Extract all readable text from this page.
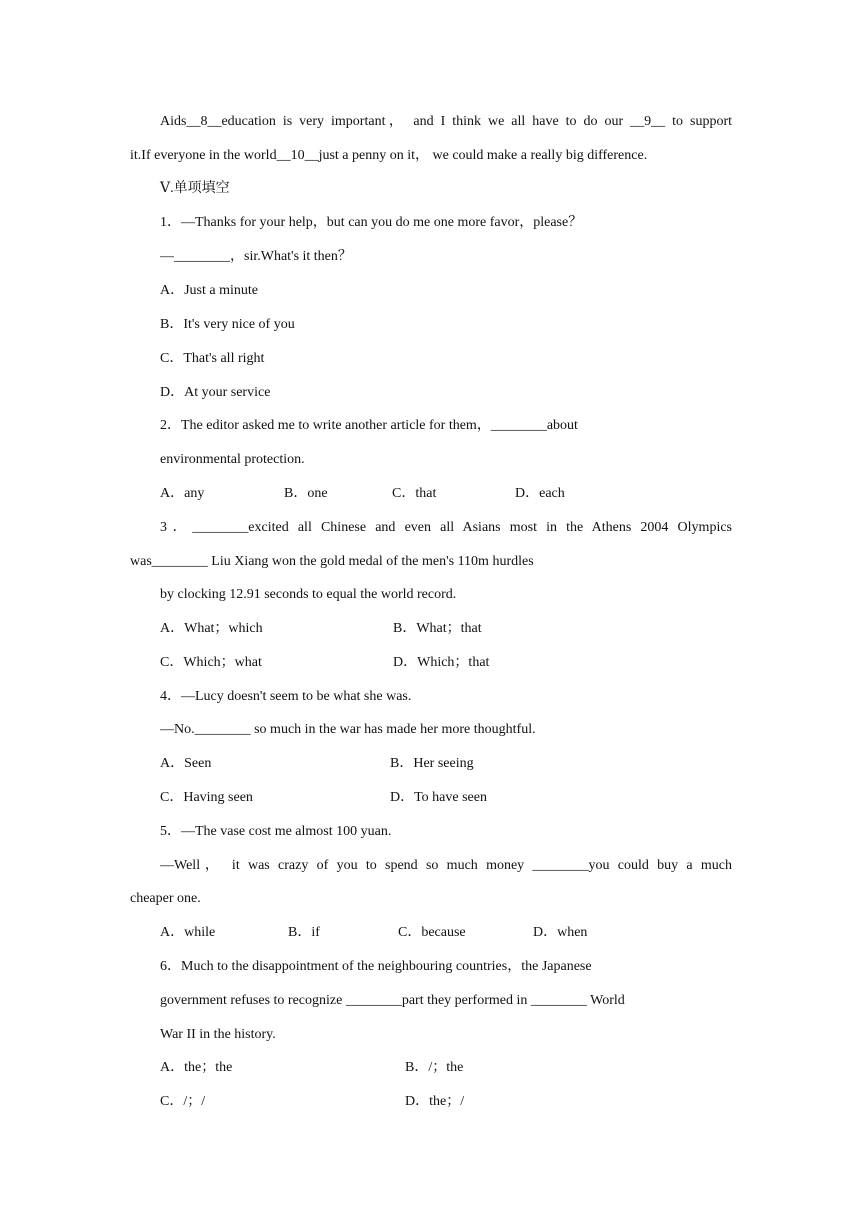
Aids__8__education is very important， and I think we all have to do our __9__ to support
it.If everyone in the world__10__just a penny on it， we could make a really big difference.
Ⅴ.单项填空
1．—Thanks for your help，but can you do me one more favor，please？
—________，sir.What's it then？
A．Just a minute
B．It's very nice of you
C．That's all right
D．At your service
2．The editor asked me to write another article for them，________about
environmental protection.
A．any	B．one	C．that	D．each
3．________excited all Chinese and even all Asians most in the Athens 2004 Olympics
was________ Liu Xiang won the gold medal of the men's 110m hurdles
by clocking 12.91 seconds to equal the world record.
A．What；which	B．What；that
C．Which；what	D．Which；that
4．—Lucy doesn't seem to be what she was.
—No.________ so much in the war has made her more thoughtful.
A．Seen	B．Her seeing
C．Having seen	D．To have seen
5．—The vase cost me almost 100 yuan.
—Well， it was crazy of you to spend so much money ________you could buy a much
cheaper one.
A．while	B．if	C．because	D．when
6．Much to the disappointment of the neighbouring countries，the Japanese
government refuses to recognize ________part they performed in ________ World
War II in the history.
A．the；the	B．/；the
C．/；/	D．the；/
